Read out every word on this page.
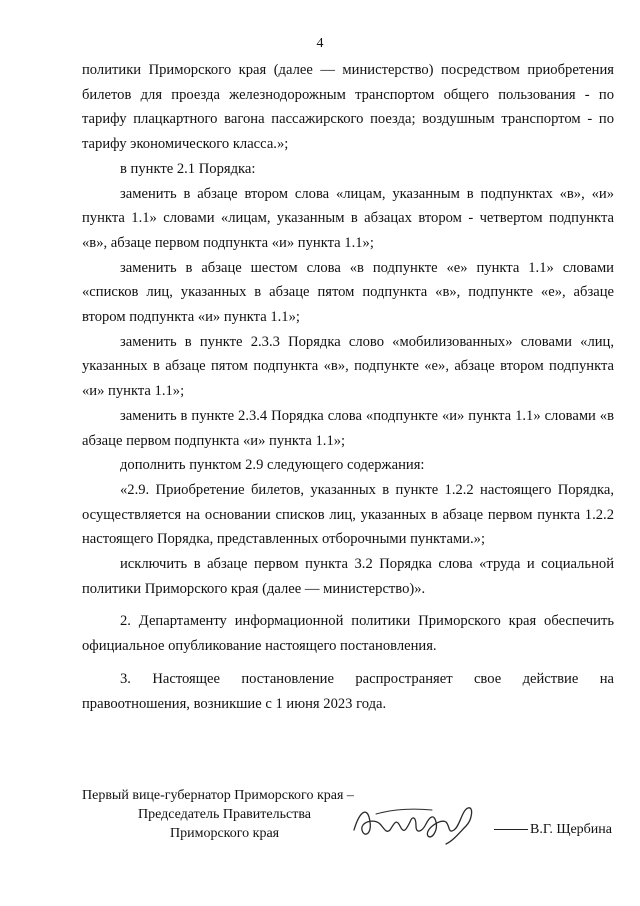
4

политики Приморского края (далее — министерство) посредством приобретения билетов для проезда железнодорожным транспортом общего пользования - по тарифу плацкартного вагона пассажирского поезда; воздушным транспортом - по тарифу экономического класса.»;

в пункте 2.1 Порядка:

заменить в абзаце втором слова «лицам, указанным в подпунктах «в», «и» пункта 1.1» словами «лицам, указанным в абзацах втором - четвертом подпункта «в», абзаце первом подпункта «и» пункта 1.1»;

заменить в абзаце шестом слова «в подпункте «е» пункта 1.1» словами «списков лиц, указанных в абзаце пятом подпункта «в», подпункте «е», абзаце втором подпункта «и» пункта 1.1»;

заменить в пункте 2.3.3 Порядка слово «мобилизованных» словами «лиц, указанных в абзаце пятом подпункта «в», подпункте «е», абзаце втором подпункта «и» пункта 1.1»;

заменить в пункте 2.3.4 Порядка слова «подпункте «и» пункта 1.1» словами «в абзаце первом подпункта «и» пункта 1.1»;

дополнить пунктом 2.9 следующего содержания:

«2.9. Приобретение билетов, указанных в пункте 1.2.2 настоящего Порядка, осуществляется на основании списков лиц, указанных в абзаце первом пункта 1.2.2 настоящего Порядка, представленных отборочными пунктами.»;

исключить в абзаце первом пункта 3.2 Порядка слова «труда и социальной политики Приморского края (далее — министерство)».

2. Департаменту информационной политики Приморского края обеспечить официальное опубликование настоящего постановления.

3. Настоящее постановление распространяет свое действие на правоотношения, возникшие с 1 июня 2023 года.

Первый вице-губернатор Приморского края –
Председатель Правительства
Приморского края	В.Г. Щербина
